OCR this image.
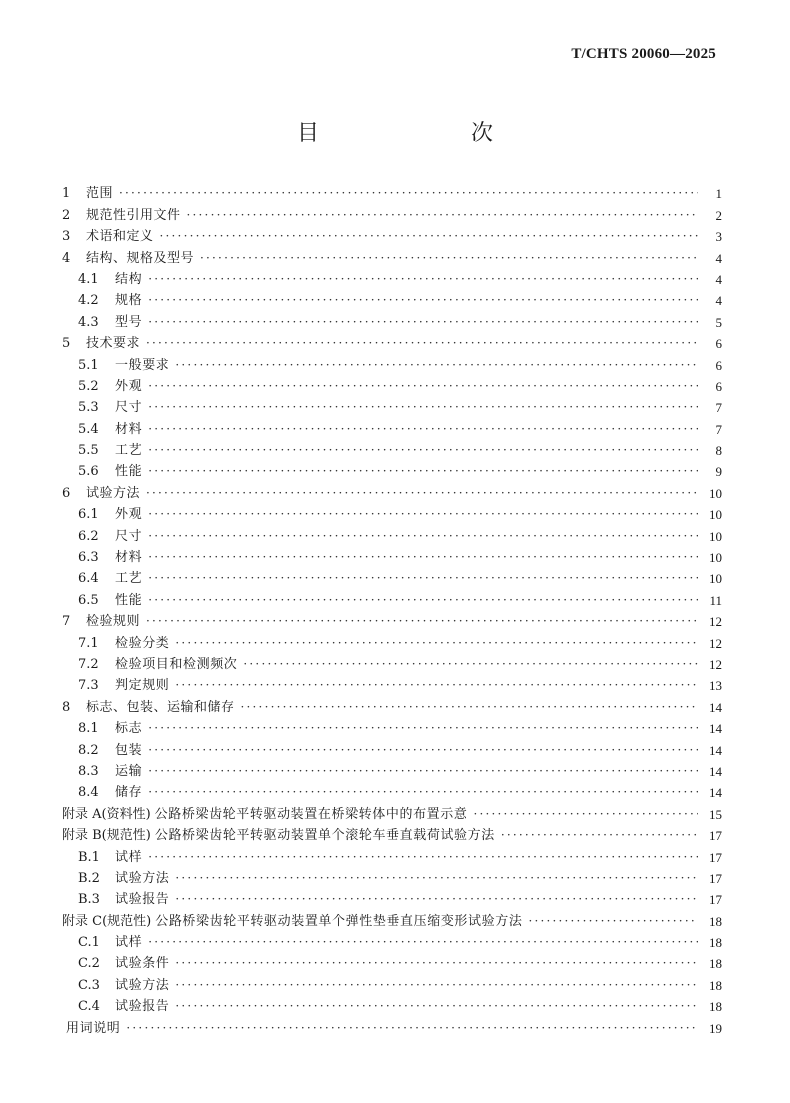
T/CHTS 20060—2025
目　　次
1	范围 ·····	1
2	规范性引用文件 ·····	2
3	术语和定义 ·····	3
4	结构、规格及型号 ·····	4
4.1	结构 ·····	4
4.2	规格 ·····	4
4.3	型号 ·····	5
5	技术要求 ·····	6
5.1	一般要求 ·····	6
5.2	外观 ·····	6
5.3	尺寸 ·····	7
5.4	材料 ·····	7
5.5	工艺 ·····	8
5.6	性能 ·····	9
6	试验方法 ·····	10
6.1	外观 ·····	10
6.2	尺寸 ·····	10
6.3	材料 ·····	10
6.4	工艺 ·····	10
6.5	性能 ·····	11
7	检验规则 ·····	12
7.1	检验分类 ·····	12
7.2	检验项目和检测频次 ·····	12
7.3	判定规则 ·····	13
8	标志、包装、运输和储存 ·····	14
8.1	标志 ·····	14
8.2	包装 ·····	14
8.3	运输 ·····	14
8.4	储存 ·····	14
附录 A(资料性) 公路桥梁齿轮平转驱动装置在桥梁转体中的布置示意 ·····	15
附录 B(规范性) 公路桥梁齿轮平转驱动装置单个滚轮车垂直载荷试验方法 ·····	17
B.1	试样 ·····	17
B.2	试验方法 ·····	17
B.3	试验报告 ·····	17
附录 C(规范性) 公路桥梁齿轮平转驱动装置单个弹性垫垂直压缩变形试验方法 ·····	18
C.1	试样 ·····	18
C.2	试验条件 ·····	18
C.3	试验方法 ·····	18
C.4	试验报告 ·····	18
用词说明 ·····	19
